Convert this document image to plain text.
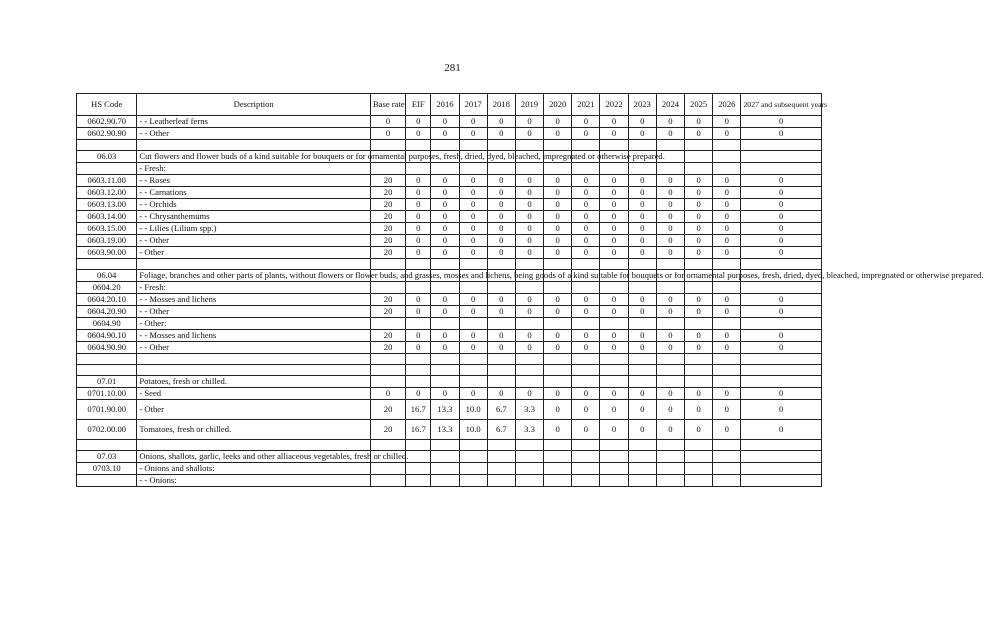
281
HS Code	Description	Base rate	EIF	2016	2017	2018	2019	2020	2021	2022	2023	2024	2025	2026	2027 and subsequent years
0602.90.70	- - Leatherleaf ferns	0	0	0	0	0	0	0	0	0	0	0	0	0	0
0602.90.90	- - Other	0	0	0	0	0	0	0	0	0	0	0	0	0	0

06.03	Cut flowers and flower buds of a kind suitable for bouquets or for ornamental purposes, fresh, dried, dyed, bleached, impregnated or otherwise prepared.														
	- Fresh:														
0603.11.00	- - Roses	20	0	0	0	0	0	0	0	0	0	0	0	0	0
0603.12.00	- - Carnations	20	0	0	0	0	0	0	0	0	0	0	0	0	0
0603.13.00	- - Orchids	20	0	0	0	0	0	0	0	0	0	0	0	0	0
0603.14.00	- - Chrysanthemums	20	0	0	0	0	0	0	0	0	0	0	0	0	0
0603.15.00	- - Lilies (Lilium spp.)	20	0	0	0	0	0	0	0	0	0	0	0	0	0
0603.19.00	- - Other	20	0	0	0	0	0	0	0	0	0	0	0	0	0
0603.90.00	- Other	20	0	0	0	0	0	0	0	0	0	0	0	0	0

06.04	Foliage, branches and other parts of plants, without flowers or flower buds, and grasses, mosses and lichens, being goods of a kind suitable for bouquets or for ornamental purposes, fresh, dried, dyed, bleached, impregnated or otherwise prepared.														
0604.20	- Fresh:														
0604.20.10	- - Mosses and lichens	20	0	0	0	0	0	0	0	0	0	0	0	0	0
0604.20.90	- - Other	20	0	0	0	0	0	0	0	0	0	0	0	0	0
0604.90	- Other:														
0604.90.10	- - Mosses and lichens	20	0	0	0	0	0	0	0	0	0	0	0	0	0
0604.90.90	- - Other	20	0	0	0	0	0	0	0	0	0	0	0	0	0

07.01	Potatoes, fresh or chilled.														
0701.10.00	- Seed	0	0	0	0	0	0	0	0	0	0	0	0	0	0
0701.90.00	- Other	20	16.7	13.3	10.0	6.7	3.3	0	0	0	0	0	0	0	0
0702.00.00	Tomatoes, fresh or chilled.	20	16.7	13.3	10.0	6.7	3.3	0	0	0	0	0	0	0	0

07.03	Onions, shallots, garlic, leeks and other alliaceous vegetables, fresh or chilled.														
0703.10	- Onions and shallots:														
	- - Onions:														
